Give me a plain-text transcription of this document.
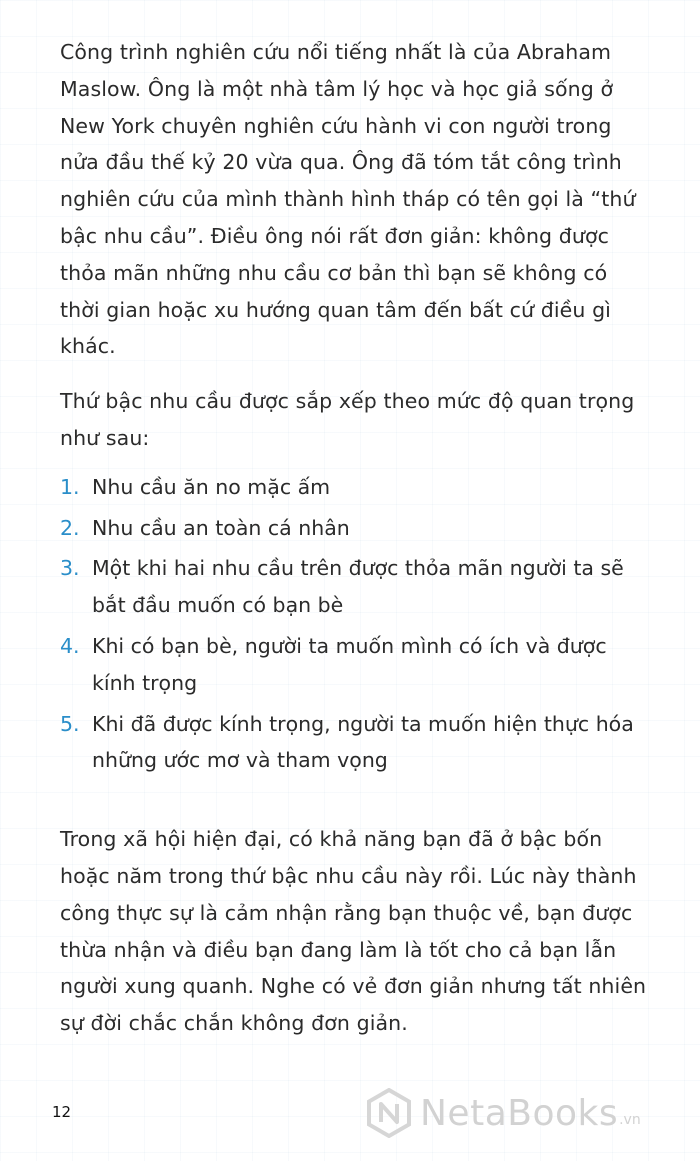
Công trình nghiên cứu nổi tiếng nhất là của Abraham Maslow. Ông là một nhà tâm lý học và học giả sống ở New York chuyên nghiên cứu hành vi con người trong nửa đầu thế kỷ 20 vừa qua. Ông đã tóm tắt công trình nghiên cứu của mình thành hình tháp có tên gọi là “thứ bậc nhu cầu”. Điều ông nói rất đơn giản: không được thỏa mãn những nhu cầu cơ bản thì bạn sẽ không có thời gian hoặc xu hướng quan tâm đến bất cứ điều gì khác.

Thứ bậc nhu cầu được sắp xếp theo mức độ quan trọng như sau:

1. Nhu cầu ăn no mặc ấm
2. Nhu cầu an toàn cá nhân
3. Một khi hai nhu cầu trên được thỏa mãn người ta sẽ bắt đầu muốn có bạn bè
4. Khi có bạn bè, người ta muốn mình có ích và được kính trọng
5. Khi đã được kính trọng, người ta muốn hiện thực hóa những ước mơ và tham vọng

Trong xã hội hiện đại, có khả năng bạn đã ở bậc bốn hoặc năm trong thứ bậc nhu cầu này rồi. Lúc này thành công thực sự là cảm nhận rằng bạn thuộc về, bạn được thừa nhận và điều bạn đang làm là tốt cho cả bạn lẫn người xung quanh. Nghe có vẻ đơn giản nhưng tất nhiên sự đời chắc chắn không đơn giản.

12	NetaBooks .vn
